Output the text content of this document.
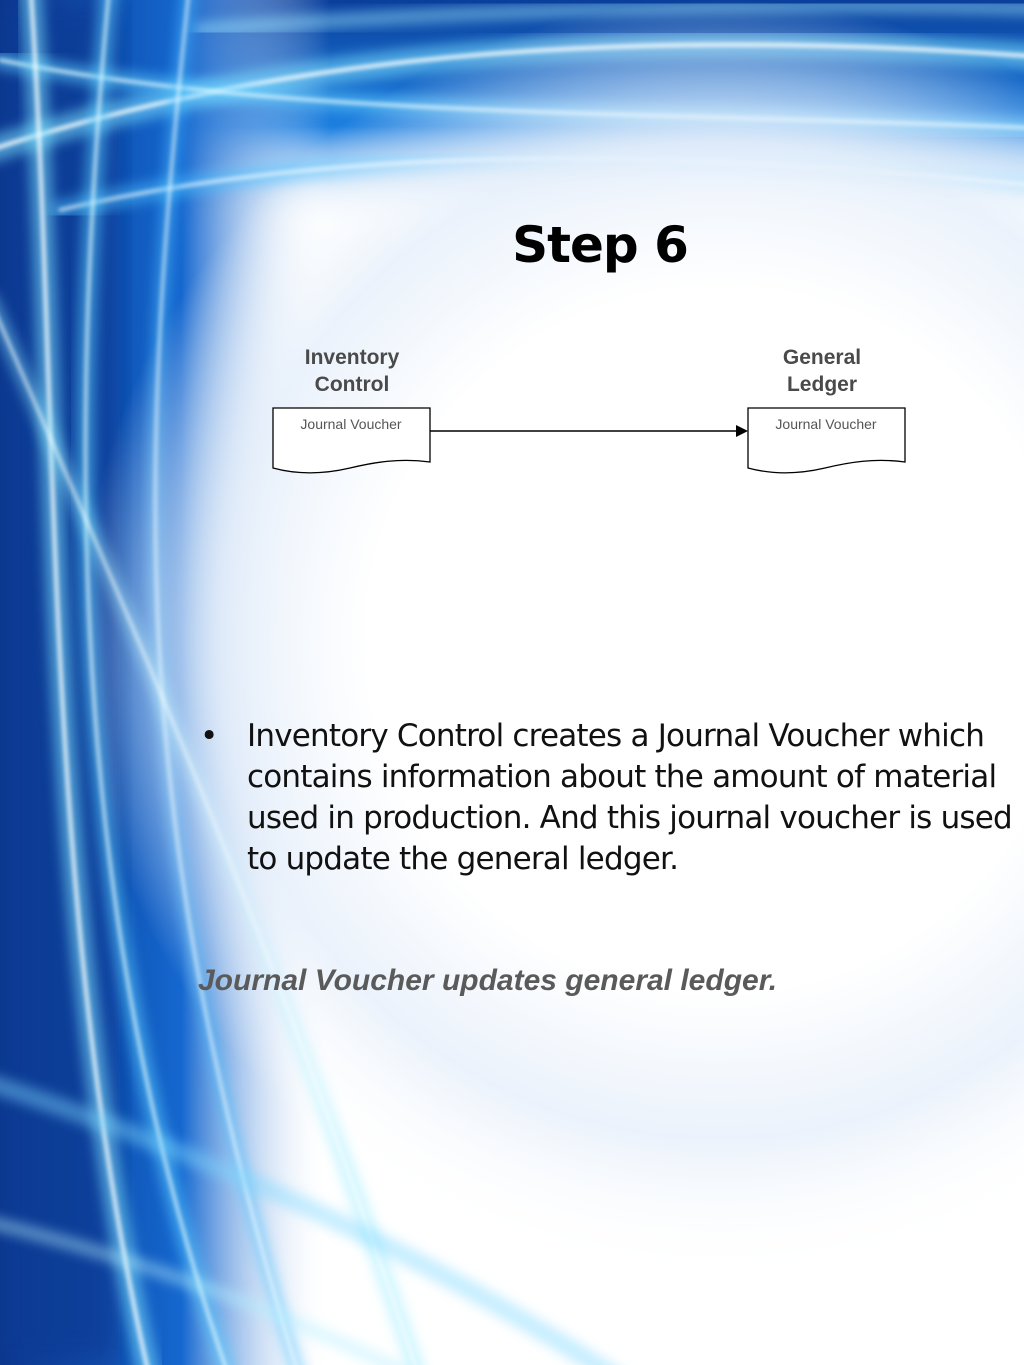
Step 6
Inventory
Control
General
Ledger
Journal Voucher	Journal Voucher
• Inventory Control creates a Journal Voucher which contains information about the amount of material used in production. And this journal voucher is used to update the general ledger.
Journal Voucher updates general ledger.
